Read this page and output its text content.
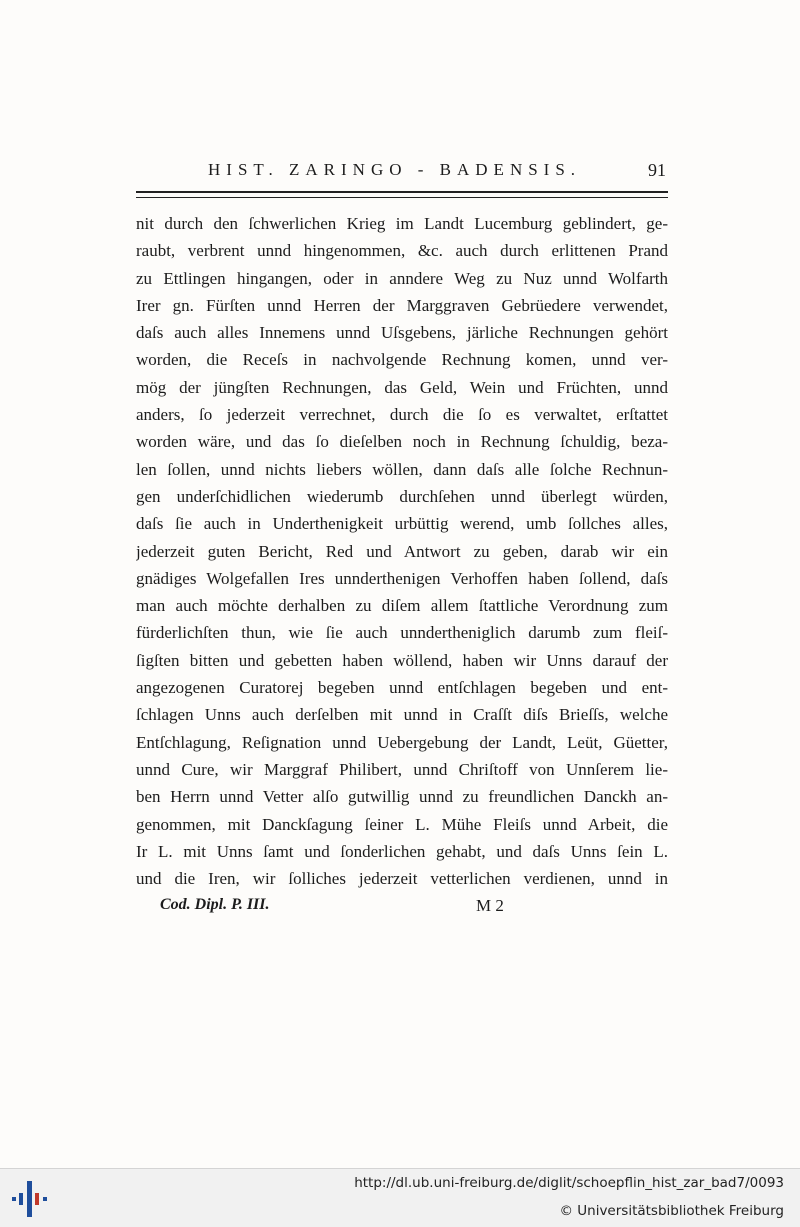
HIST. ZARINGO - BADENSIS.	91
nit durch den ſchwerlichen Krieg im Landt Lucemburg geblindert, ge-
raubt, verbrent unnd hingenommen, &c. auch durch erlittenen Prand
zu Ettlingen hingangen, oder in anndere Weg zu Nuz unnd Wolfarth
Irer gn. Fürſten unnd Herren der Marggraven Gebrüedere verwendet,
daſs auch alles Innemens unnd Uſsgebens, järliche Rechnungen gehört
worden, die Receſs in nachvolgende Rechnung komen, unnd ver-
mög der jüngſten Rechnungen, das Geld, Wein und Früchten, unnd
anders, ſo jederzeit verrechnet, durch die ſo es verwaltet, erſtattet
worden wäre, und das ſo dieſelben noch in Rechnung ſchuldig, beza-
len ſollen, unnd nichts liebers wöllen, dann daſs alle ſolche Rechnun-
gen underſchidlichen wiederumb durchſehen unnd überlegt würden,
daſs ſie auch in Underthenigkeit urbüttig werend, umb ſollches alles,
jederzeit guten Bericht, Red und Antwort zu geben, darab wir ein
gnädiges Wolgefallen Ires unnderthenigen Verhoffen haben ſollend, daſs
man auch möchte derhalben zu diſem allem ſtattliche Verordnung zum
fürderlichſten thun, wie ſie auch unndertheniglich darumb zum fleiſ-
ſigſten bitten und gebetten haben wöllend, haben wir Unns darauf der
angezogenen Curatorej begeben unnd entſchlagen begeben und ent-
ſchlagen Unns auch derſelben mit unnd in Craſſt diſs Brieſſs, welche
Entſchlagung, Reſignation unnd Uebergebung der Landt, Leüt, Güetter,
unnd Cure, wir Marggraf Philibert, unnd Chriſtoff von Unnſerem lie-
ben Herrn unnd Vetter alſo gutwillig unnd zu freundlichen Danckh an-
genommen, mit Danckſagung ſeiner L. Mühe Fleiſs unnd Arbeit, die
Ir L. mit Unns ſamt und ſonderlichen gehabt, und daſs Unns ſein L.
und die Iren, wir ſolliches jederzeit vetterlichen verdienen, unnd in
Cod. Dipl. P. III.	M 2
http://dl.ub.uni-freiburg.de/diglit/schoepflin_hist_zar_bad7/0093
© Universitätsbibliothek Freiburg
